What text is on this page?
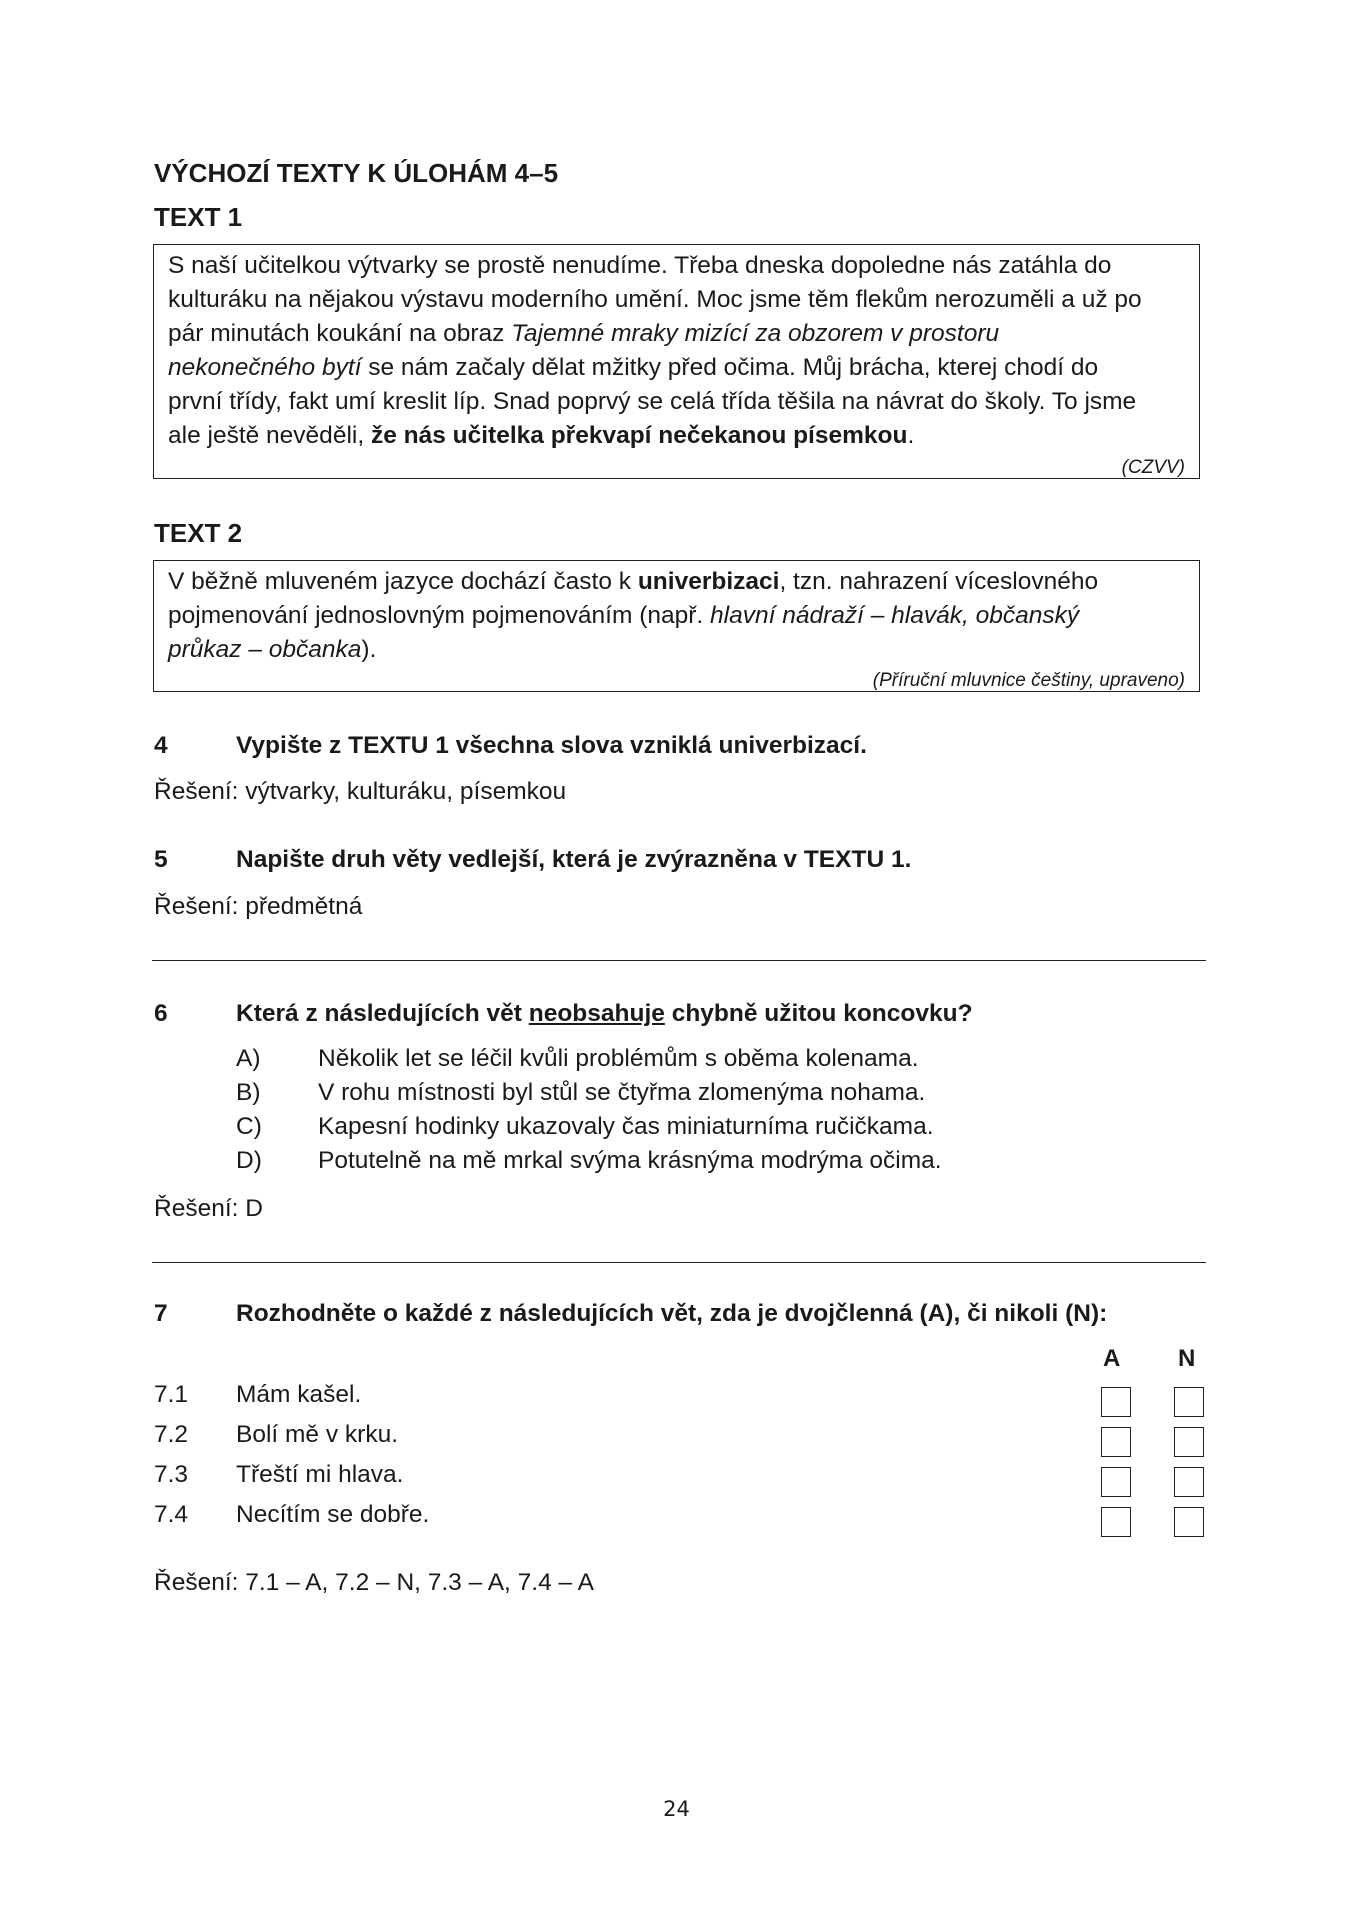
VÝCHOZÍ TEXTY K ÚLOHÁM 4–5
TEXT 1

S naší učitelkou výtvarky se prostě nenudíme. Třeba dneska dopoledne nás zatáhla do

kulturáku na nějakou výstavu moderního umění. Moc jsme těm flekům nerozuměli a už po

pár minutách koukání na obraz Tajemné mraky mizící za obzorem v prostoru

nekonečného bytí se nám začaly dělat mžitky před očima. Můj brácha, kterej chodí do

první třídy, fakt umí kreslit líp. Snad poprvý se celá třída těšila na návrat do školy. To jsme

ale ještě nevěděli, že nás učitelka překvapí nečekanou písemkou.

(CZVV)
TEXT 2

V běžně mluveném jazyce dochází často k univerbizaci, tzn. nahrazení víceslovného

pojmenování jednoslovným pojmenováním (např. hlavní nádraží – hlavák, občanský

průkaz – občanka).

(Příruční mluvnice češtiny, upraveno)
4	Vypište z TEXTU 1 všechna slova vzniklá univerbizací.
Řešení: výtvarky, kulturáku, písemkou
5	Napište druh věty vedlejší, která je zvýrazněna v TEXTU 1.
Řešení: předmětná
6	Která z následujících vět neobsahuje chybně užitou koncovku?
A) Několik let se léčil kvůli problémům s oběma kolenama.
B) V rohu místnosti byl stůl se čtyřma zlomenýma nohama.
C) Kapesní hodinky ukazovaly čas miniaturníma ručičkama.
D) Potutelně na mě mrkal svýma krásnýma modrýma očima.
Řešení: D
7	Rozhodněte o každé z následujících vět, zda je dvojčlenná (A), či nikoli (N):
A N
7.1 Mám kašel.
7.2 Bolí mě v krku.
7.3 Třeští mi hlava.
7.4 Necítím se dobře.
Řešení: 7.1 – A, 7.2 – N, 7.3 – A, 7.4 – A
24
